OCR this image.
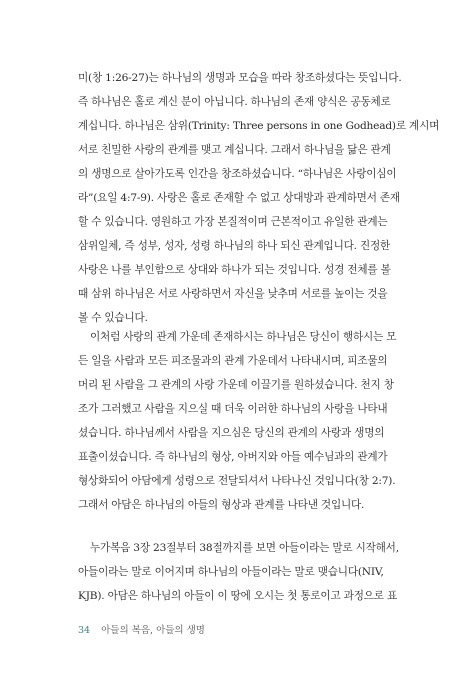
미(창 1:26-27)는 하나님의 생명과 모습을 따라 창조하셨다는 뜻입니다.
즉 하나님은 홀로 계신 분이 아닙니다. 하나님의 존재 양식은 공동체로
계십니다. 하나님은 삼위(Trinity: Three persons in one Godhead)로 계시며
서로 친밀한 사랑의 관계를 맺고 계십니다. 그래서 하나님을 닮은 관계
의 생명으로 살아가도록 인간을 창조하셨습니다. “하나님은 사랑이심이
라”(요일 4:7-9). 사랑은 홀로 존재할 수 없고 상대방과 관계하면서 존재
할 수 있습니다. 영원하고 가장 본질적이며 근본적이고 유일한 관계는
삼위일체, 즉 성부, 성자, 성령 하나님의 하나 되신 관계입니다. 진정한
사랑은 나를 부인함으로 상대와 하나가 되는 것입니다. 성경 전체를 볼
때 삼위 하나님은 서로 사랑하면서 자신을 낮추며 서로를 높이는 것을
볼 수 있습니다.
이처럼 사랑의 관계 가운데 존재하시는 하나님은 당신이 행하시는 모
든 일을 사람과 모든 피조물과의 관계 가운데서 나타내시며, 피조물의
머리 된 사람을 그 관계의 사랑 가운데 이끌기를 원하셨습니다. 천지 창
조가 그러했고 사람을 지으실 때 더욱 이러한 하나님의 사랑을 나타내
셨습니다. 하나님께서 사람을 지으심은 당신의 관계의 사랑과 생명의
표출이셨습니다. 즉 하나님의 형상, 아버지와 아들 예수님과의 관계가
형상화되어 아담에게 성령으로 전달되셔서 나타나신 것입니다(창 2:7).
그래서 아담은 하나님의 아들의 형상과 관계를 나타낸 것입니다.
누가복음 3장 23절부터 38절까지를 보면 아들이라는 말로 시작해서,
아들이라는 말로 이어지며 하나님의 아들이라는 말로 맺습니다(NIV,
KJB). 아담은 하나님의 아들이 이 땅에 오시는 첫 통로이고 과정으로 표
34 아들의 복음, 아들의 생명
